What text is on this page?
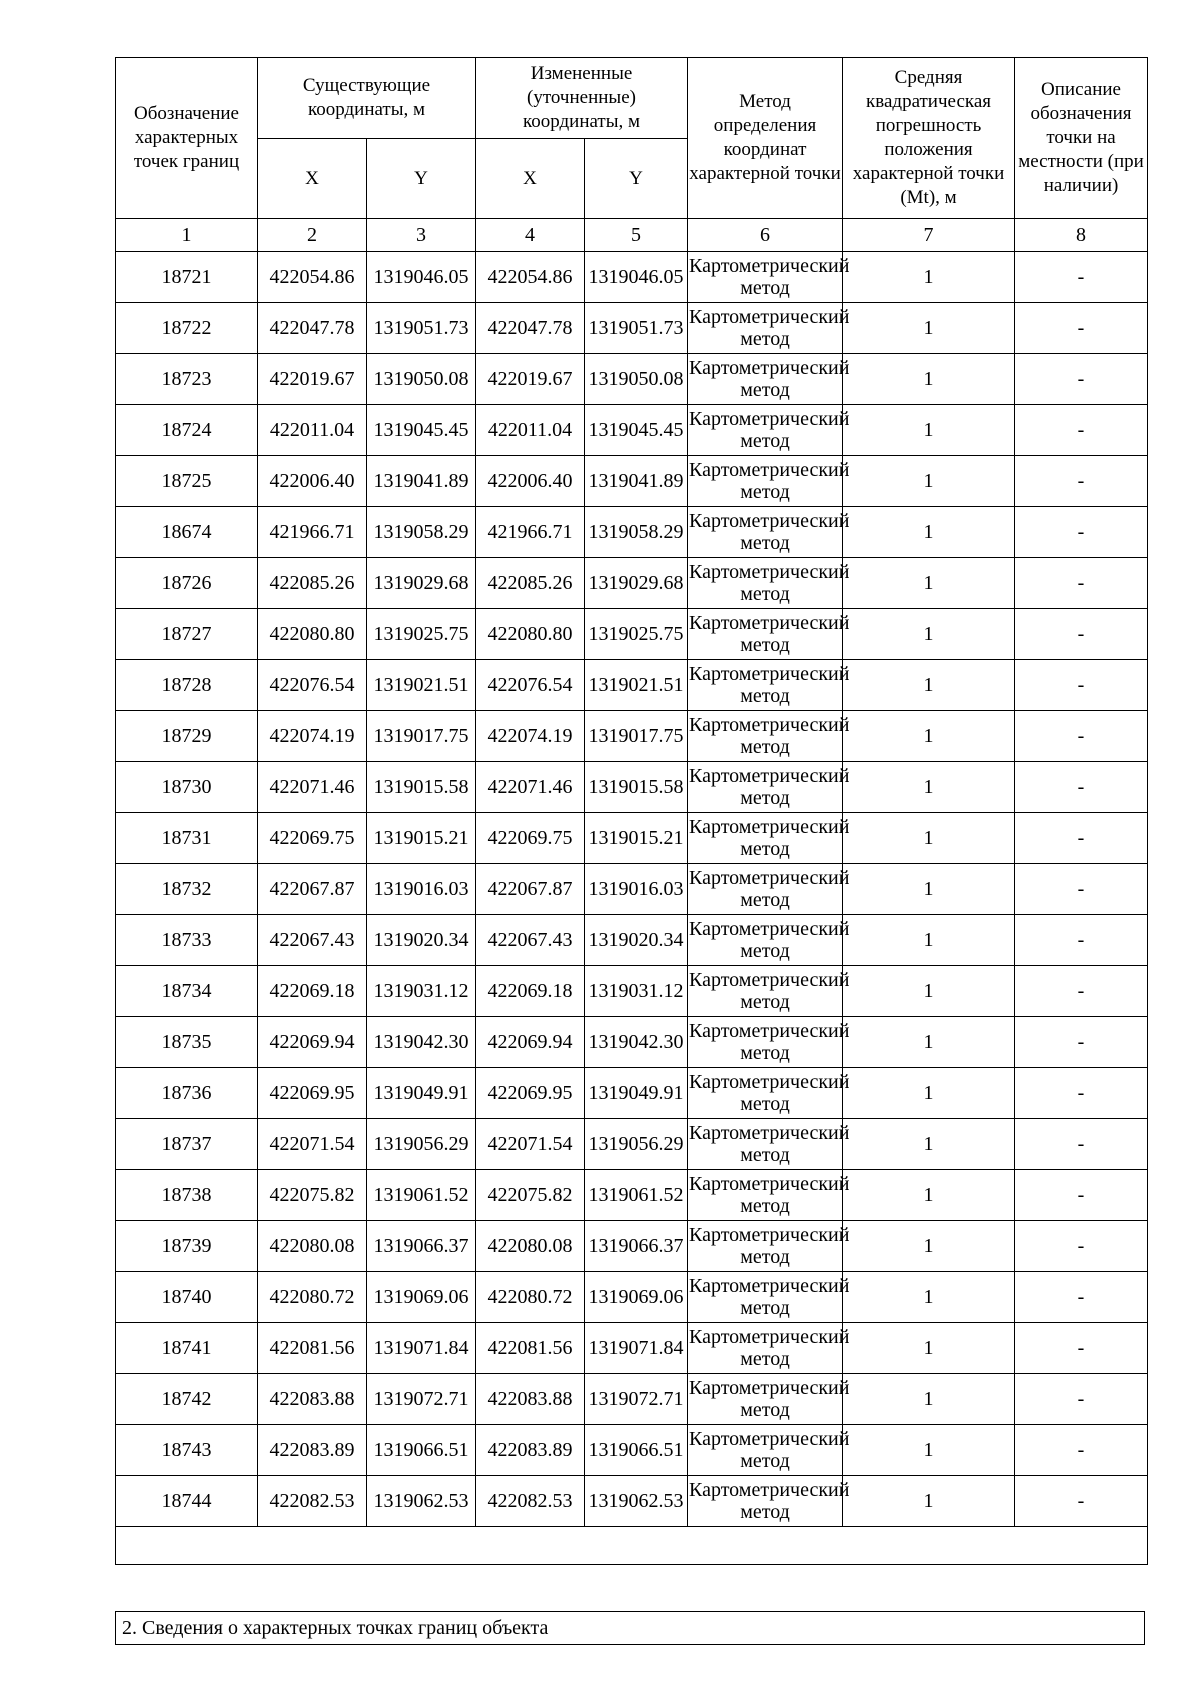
Обозначение характерных точек границ	Существующие координаты, м		Измененные (уточненные) координаты, м		Метод определения координат характерной точки	Средняя квадратическая погрешность положения характерной точки (Mt), м	Описание обозначения точки на местности (при наличии)
	X	Y	X	Y			
1	2	3	4	5	6	7	8
18721	422054.86	1319046.05	422054.86	1319046.05	Картометрический метод	1	-
18722	422047.78	1319051.73	422047.78	1319051.73	Картометрический метод	1	-
18723	422019.67	1319050.08	422019.67	1319050.08	Картометрический метод	1	-
18724	422011.04	1319045.45	422011.04	1319045.45	Картометрический метод	1	-
18725	422006.40	1319041.89	422006.40	1319041.89	Картометрический метод	1	-
18674	421966.71	1319058.29	421966.71	1319058.29	Картометрический метод	1	-
18726	422085.26	1319029.68	422085.26	1319029.68	Картометрический метод	1	-
18727	422080.80	1319025.75	422080.80	1319025.75	Картометрический метод	1	-
18728	422076.54	1319021.51	422076.54	1319021.51	Картометрический метод	1	-
18729	422074.19	1319017.75	422074.19	1319017.75	Картометрический метод	1	-
18730	422071.46	1319015.58	422071.46	1319015.58	Картометрический метод	1	-
18731	422069.75	1319015.21	422069.75	1319015.21	Картометрический метод	1	-
18732	422067.87	1319016.03	422067.87	1319016.03	Картометрический метод	1	-
18733	422067.43	1319020.34	422067.43	1319020.34	Картометрический метод	1	-
18734	422069.18	1319031.12	422069.18	1319031.12	Картометрический метод	1	-
18735	422069.94	1319042.30	422069.94	1319042.30	Картометрический метод	1	-
18736	422069.95	1319049.91	422069.95	1319049.91	Картометрический метод	1	-
18737	422071.54	1319056.29	422071.54	1319056.29	Картометрический метод	1	-
18738	422075.82	1319061.52	422075.82	1319061.52	Картометрический метод	1	-
18739	422080.08	1319066.37	422080.08	1319066.37	Картометрический метод	1	-
18740	422080.72	1319069.06	422080.72	1319069.06	Картометрический метод	1	-
18741	422081.56	1319071.84	422081.56	1319071.84	Картометрический метод	1	-
18742	422083.88	1319072.71	422083.88	1319072.71	Картометрический метод	1	-
18743	422083.89	1319066.51	422083.89	1319066.51	Картометрический метод	1	-
18744	422082.53	1319062.53	422082.53	1319062.53	Картометрический метод	1	-

2. Сведения о характерных точках границ объекта
